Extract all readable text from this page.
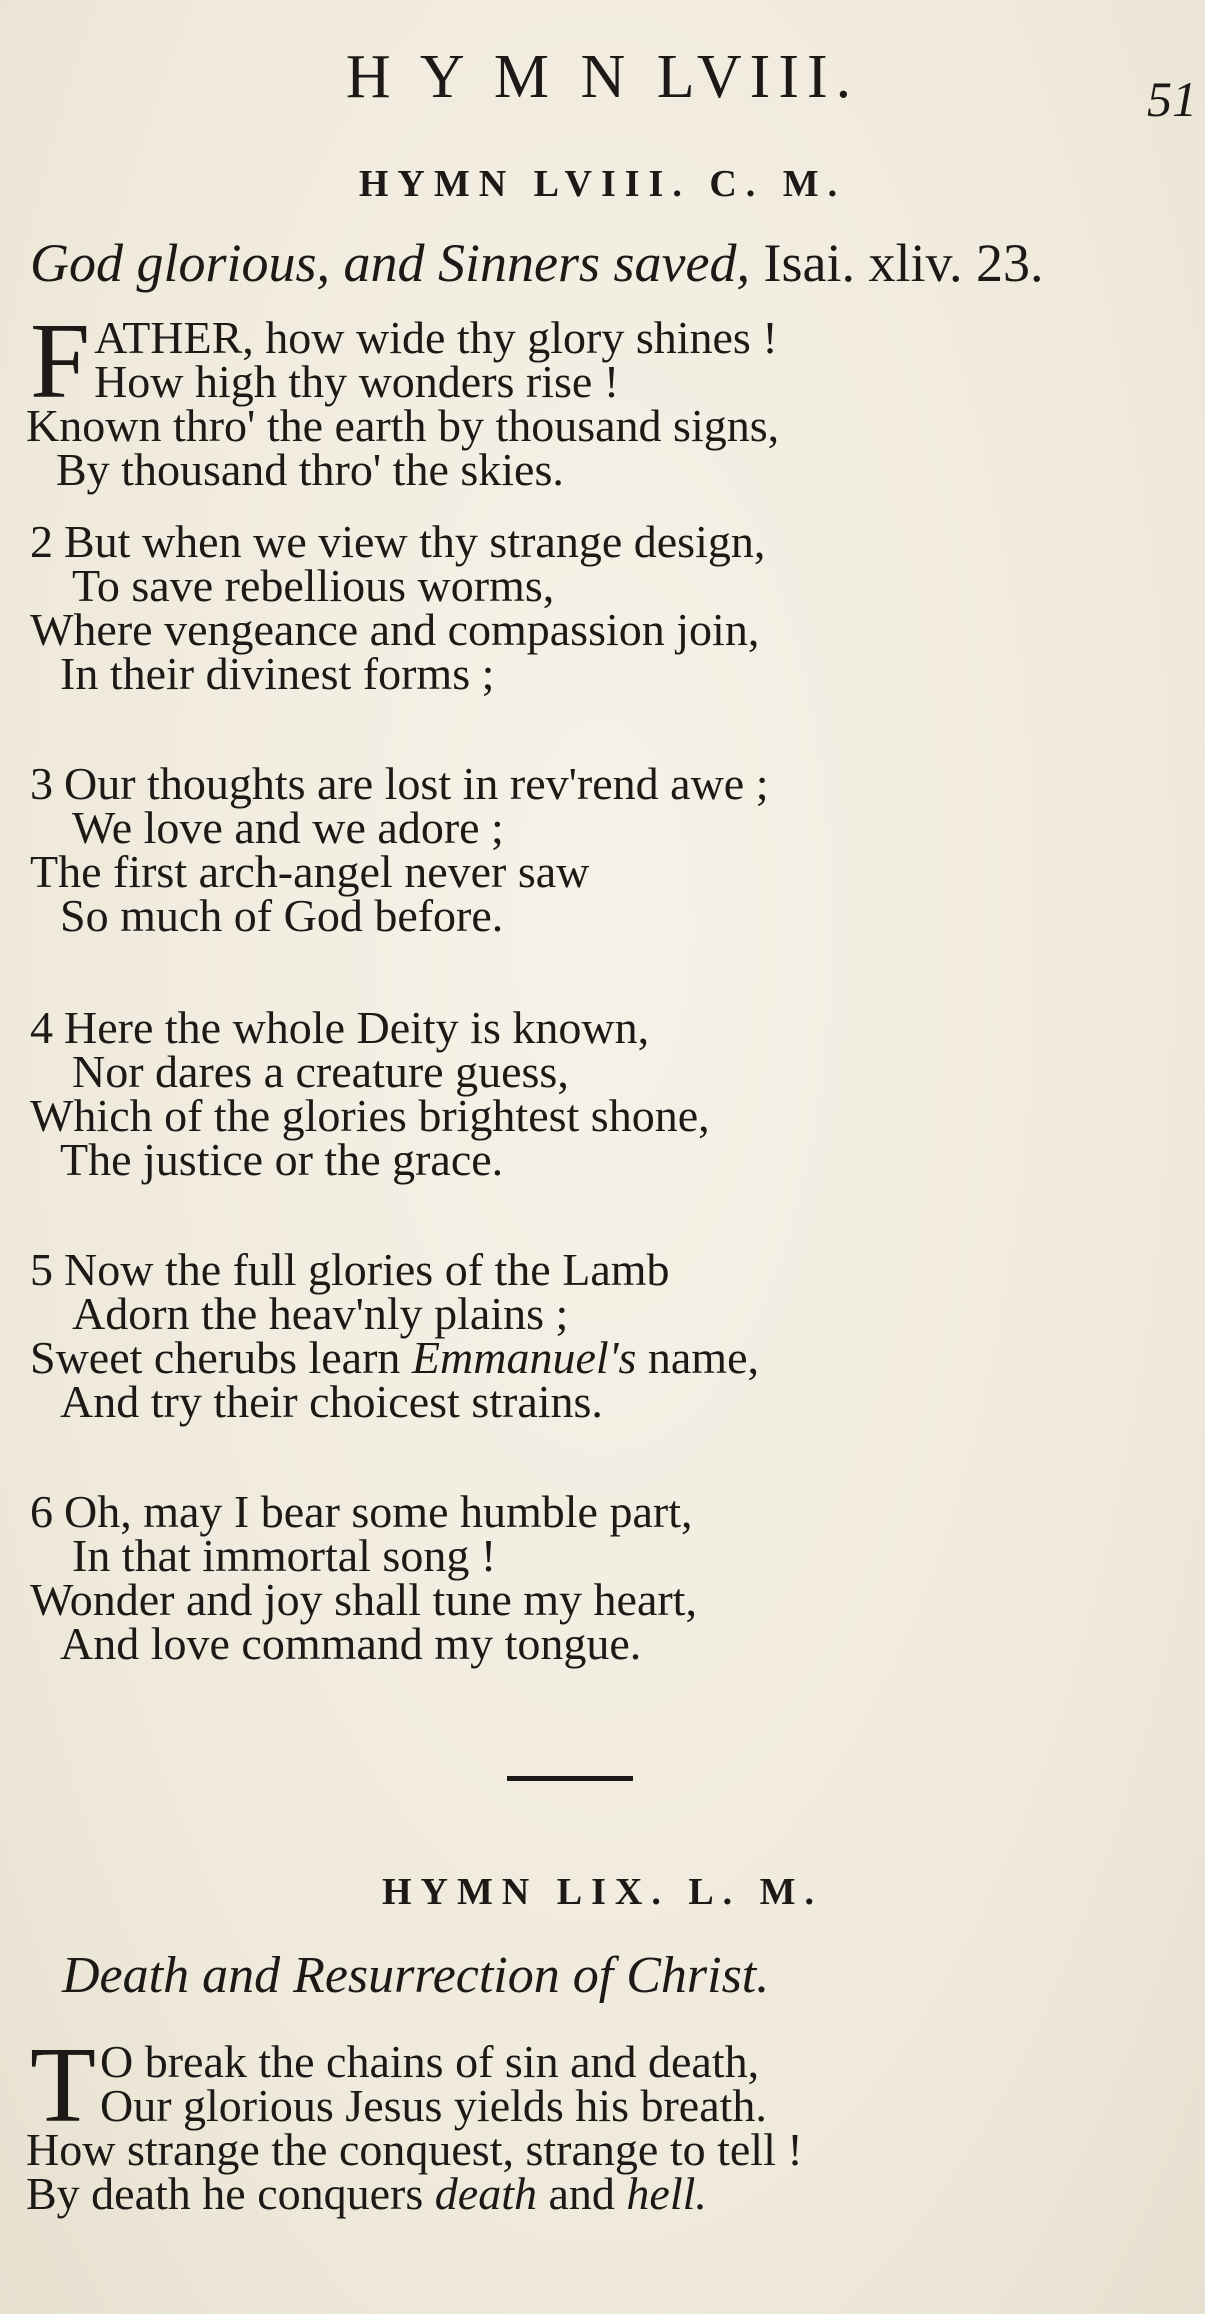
H Y M N LVIII.	51
HYMN LVIII. C. M.
God glorious, and Sinners saved, Isai. xliv. 23.
F ATHER, how wide thy glory shines !
How high thy wonders rise !
Known thro' the earth by thousand signs,
By thousand thro' the skies.
2 But when we view thy strange design,
To save rebellious worms,
Where vengeance and compassion join,
In their divinest forms ;
3 Our thoughts are lost in rev'rend awe ;
We love and we adore ;
The first arch-angel never saw
So much of God before.
4 Here the whole Deity is known,
Nor dares a creature guess,
Which of the glories brightest shone,
The justice or the grace.
5 Now the full glories of the Lamb
Adorn the heav'nly plains ;
Sweet cherubs learn Emmanuel's name,
And try their choicest strains.
6 Oh, may I bear some humble part,
In that immortal song !
Wonder and joy shall tune my heart,
And love command my tongue.
HYMN LIX. L. M.
Death and Resurrection of Christ.
T O break the chains of sin and death,
Our glorious Jesus yields his breath.
How strange the conquest, strange to tell !
By death he conquers death and hell.
